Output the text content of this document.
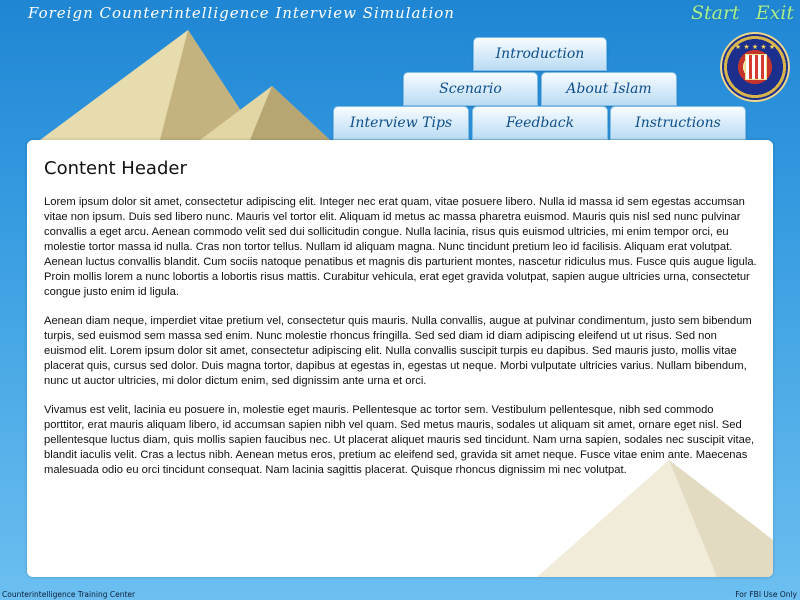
Foreign Counterintelligence Interview Simulation	Start Exit
★ ★ ★ ★ ★
Introduction
Scenario	About Islam
Interview Tips	Feedback	Instructions
Content Header

Lorem ipsum dolor sit amet, consectetur adipiscing elit. Integer nec erat quam, vitae posuere libero. Nulla id massa id sem egestas accumsan vitae non ipsum. Duis sed libero nunc. Mauris vel tortor elit. Aliquam id metus ac massa pharetra euismod. Mauris quis nisl sed nunc pulvinar convallis a eget arcu. Aenean commodo velit sed dui sollicitudin congue. Nulla lacinia, risus quis euismod ultricies, mi enim tempor orci, eu molestie tortor massa id nulla. Cras non tortor tellus. Nullam id aliquam magna. Nunc tincidunt pretium leo id facilisis. Aliquam erat volutpat. Aenean luctus convallis blandit. Cum sociis natoque penatibus et magnis dis parturient montes, nascetur ridiculus mus. Fusce quis augue ligula. Proin mollis lorem a nunc lobortis a lobortis risus mattis. Curabitur vehicula, erat eget gravida volutpat, sapien augue ultricies urna, consectetur congue justo enim id ligula.

Aenean diam neque, imperdiet vitae pretium vel, consectetur quis mauris. Nulla convallis, augue at pulvinar condimentum, justo sem bibendum turpis, sed euismod sem massa sed enim. Nunc molestie rhoncus fringilla. Sed sed diam id diam adipiscing eleifend ut ut risus. Sed non euismod elit. Lorem ipsum dolor sit amet, consectetur adipiscing elit. Nulla convallis suscipit turpis eu dapibus. Sed mauris justo, mollis vitae placerat quis, cursus sed dolor. Duis magna tortor, dapibus at egestas in, egestas ut neque. Morbi vulputate ultricies varius. Nullam bibendum, nunc ut auctor ultricies, mi dolor dictum enim, sed dignissim ante urna et orci.

Vivamus est velit, lacinia eu posuere in, molestie eget mauris. Pellentesque ac tortor sem. Vestibulum pellentesque, nibh sed commodo porttitor, erat mauris aliquam libero, id accumsan sapien nibh vel quam. Sed metus mauris, sodales ut aliquam sit amet, ornare eget nisl. Sed pellentesque luctus diam, quis mollis sapien faucibus nec. Ut placerat aliquet mauris sed tincidunt. Nam urna sapien, sodales nec suscipit vitae, blandit iaculis velit. Cras a lectus nibh. Aenean metus eros, pretium ac eleifend sed, gravida sit amet neque. Fusce vitae enim ante. Maecenas malesuada odio eu orci tincidunt consequat. Nam lacinia sagittis placerat. Quisque rhoncus dignissim mi nec volutpat.

Counterintelligence Training Center	For FBI Use Only
